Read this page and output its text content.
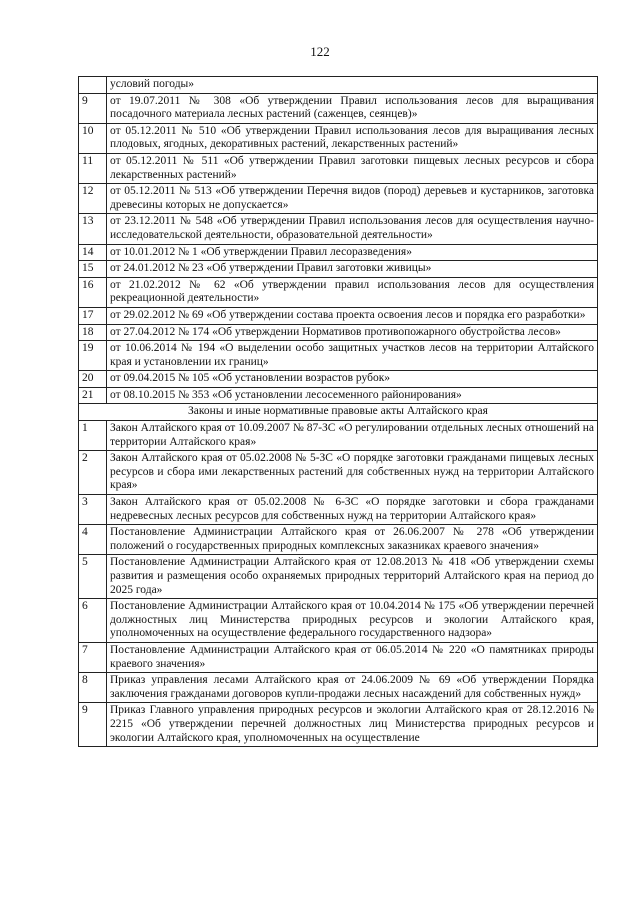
122
	условий погоды»
9	от 19.07.2011 № 308 «Об утверждении Правил использования лесов для выращивания посадочного материала лесных растений (саженцев, сеянцев)»
10	от 05.12.2011 № 510 «Об утверждении Правил использования лесов для выращивания лесных плодовых, ягодных, декоративных растений, лекарственных растений»
11	от 05.12.2011 № 511 «Об утверждении Правил заготовки пищевых лесных ресурсов и сбора лекарственных растений»
12	от 05.12.2011 № 513 «Об утверждении Перечня видов (пород) деревьев и кустарников, заготовка древесины которых не допускается»
13	от 23.12.2011 № 548 «Об утверждении Правил использования лесов для осуществления научно-исследовательской деятельности, образовательной деятельности»
14	от 10.01.2012 № 1 «Об утверждении Правил лесоразведения»
15	от 24.01.2012 № 23 «Об утверждении Правил заготовки живицы»
16	от 21.02.2012 № 62 «Об утверждении правил использования лесов для осуществления рекреационной деятельности»
17	от 29.02.2012 № 69 «Об утверждении состава проекта освоения лесов и порядка его разработки»
18	от 27.04.2012 № 174 «Об утверждении Нормативов противопожарного обустройства лесов»
19	от 10.06.2014 № 194 «О выделении особо защитных участков лесов на территории Алтайского края и установлении их границ»
20	от 09.04.2015 № 105 «Об установлении возрастов рубок»
21	от 08.10.2015 № 353 «Об установлении лесосеменного районирования»
Законы и иные нормативные правовые акты Алтайского края	
1	Закон Алтайского края от 10.09.2007 № 87-ЗС «О регулировании отдельных лесных отношений на территории Алтайского края»
2	Закон Алтайского края от 05.02.2008 № 5-ЗС «О порядке заготовки гражданами пищевых лесных ресурсов и сбора ими лекарственных растений для собственных нужд на территории Алтайского края»
3	Закон Алтайского края от 05.02.2008 № 6-ЗС «О порядке заготовки и сбора гражданами недревесных лесных ресурсов для собственных нужд на территории Алтайского края»
4	Постановление Администрации Алтайского края от 26.06.2007 № 278 «Об утверждении положений о государственных природных комплексных заказниках краевого значения»
5	Постановление Администрации Алтайского края от 12.08.2013 № 418 «Об утверждении схемы развития и размещения особо охраняемых природных территорий Алтайского края на период до 2025 года»
6	Постановление Администрации Алтайского края от 10.04.2014 № 175 «Об утверждении перечней должностных лиц Министерства природных ресурсов и экологии Алтайского края, уполномоченных на осуществление федерального государственного надзора»
7	Постановление Администрации Алтайского края от 06.05.2014 № 220 «О памятниках природы краевого значения»
8	Приказ управления лесами Алтайского края от 24.06.2009 № 69 «Об утверждении Порядка заключения гражданами договоров купли-продажи лесных насаждений для собственных нужд»
9	Приказ Главного управления природных ресурсов и экологии Алтайского края от 28.12.2016 № 2215 «Об утверждении перечней должностных лиц Министерства природных ресурсов и экологии Алтайского края, уполномоченных на осуществление
